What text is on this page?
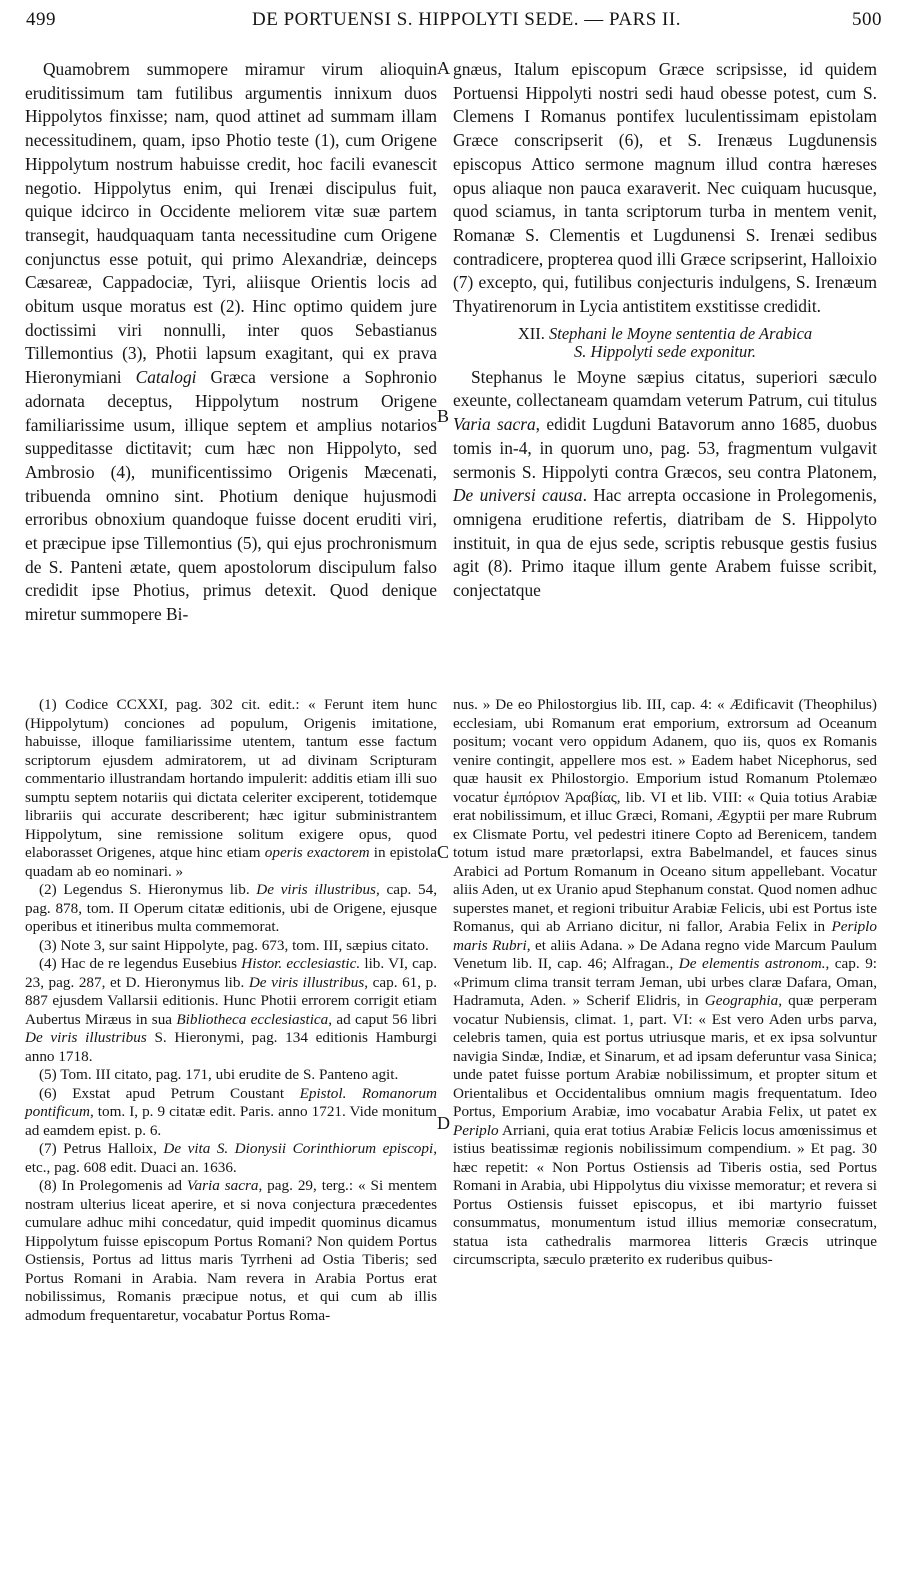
499	DE PORTUENSI S. HIPPOLYTI SEDE. — PARS II.	500
A
B
C
D

Quamobrem summopere miramur virum alioquin eruditissimum tam futilibus argumentis innixum duos Hippolytos finxisse; nam, quod attinet ad summam illam necessitudinem, quam, ipso Photio teste (1), cum Origene Hippolytum nostrum habuisse credit, hoc facili evanescit negotio. Hippolytus enim, qui Irenæi discipulus fuit, quique idcirco in Occidente meliorem vitæ suæ partem transegit, haudquaquam tanta necessitudine cum Origene conjunctus esse potuit, qui primo Alexandriæ, deinceps Cæsareæ, Cappadociæ, Tyri, aliisque Orientis locis ad obitum usque moratus est (2). Hinc optimo quidem jure doctissimi viri nonnulli, inter quos Sebastianus Tillemontius (3), Photii lapsum exagitant, qui ex prava Hieronymiani Catalogi Græca versione a Sophronio adornata deceptus, Hippolytum nostrum Origene familiarissime usum, illique septem et amplius notarios suppeditasse dictitavit; cum hæc non Hippolyto, sed Ambrosio (4), munificentissimo Origenis Mæcenati, tribuenda omnino sint. Photium denique hujusmodi erroribus obnoxium quandoque fuisse docent eruditi viri, et præcipue ipse Tillemontius (5), qui ejus prochronismum de S. Panteni ætate, quem apostolorum discipulum falso credidit ipse Photius, primus detexit. Quod denique miretur summopere Bi-

gnæus, Italum episcopum Græce scripsisse, id quidem Portuensi Hippolyti nostri sedi haud obesse potest, cum S. Clemens I Romanus pontifex luculentissimam epistolam Græce conscripserit (6), et S. Irenæus Lugdunensis episcopus Attico sermone magnum illud contra hæreses opus aliaque non pauca exaraverit. Nec cuiquam hucusque, quod sciamus, in tanta scriptorum turba in mentem venit, Romanæ S. Clementis et Lugdunensi S. Irenæi sedibus contradicere, propterea quod illi Græce scripserint, Halloixio (7) excepto, qui, futilibus conjecturis indulgens, S. Irenæum Thyatirenorum in Lycia antistitem exstitisse credidit.

XII. Stephani le Moyne sententia de Arabica
S. Hippolyti sede exponitur.

Stephanus le Moyne sæpius citatus, superiori sæculo exeunte, collectaneam quamdam veterum Patrum, cui titulus Varia sacra, edidit Lugduni Batavorum anno 1685, duobus tomis in-4, in quorum uno, pag. 53, fragmentum vulgavit sermonis S. Hippolyti contra Græcos, seu contra Platonem, De universi causa. Hac arrepta occasione in Prolegomenis, omnigena eruditione refertis, diatribam de S. Hippolyto instituit, in qua de ejus sede, scriptis rebusque gestis fusius agit (8). Primo itaque illum gente Arabem fuisse scribit, conjectatque

(1) Codice CCXXI, pag. 302 cit. edit.: « Ferunt item hunc (Hippolytum) conciones ad populum, Origenis imitatione, habuisse, illoque familiarissime utentem, tantum esse factum scriptorum ejusdem admiratorem, ut ad divinam Scripturam commentario illustrandam hortando impulerit: additis etiam illi suo sumptu septem notariis qui dictata celeriter exciperent, totidemque librariis qui accurate describerent; hæc igitur subministrantem Hippolytum, sine remissione solitum exigere opus, quod elaborasset Origenes, atque hinc etiam operis exactorem in epistola quadam ab eo nominari. »

(2) Legendus S. Hieronymus lib. De viris illustribus, cap. 54, pag. 878, tom. II Operum citatæ editionis, ubi de Origene, ejusque operibus et itineribus multa commemorat.

(3) Note 3, sur saint Hippolyte, pag. 673, tom. III, sæpius citato.

(4) Hac de re legendus Eusebius Histor. ecclesiastic. lib. VI, cap. 23, pag. 287, et D. Hieronymus lib. De viris illustribus, cap. 61, p. 887 ejusdem Vallarsii editionis. Hunc Photii errorem corrigit etiam Aubertus Miræus in sua Bibliotheca ecclesiastica, ad caput 56 libri De viris illustribus S. Hieronymi, pag. 134 editionis Hamburgi anno 1718.

(5) Tom. III citato, pag. 171, ubi erudite de S. Panteno agit.

(6) Exstat apud Petrum Coustant Epistol. Romanorum pontificum, tom. I, p. 9 citatæ edit. Paris. anno 1721. Vide monitum ad eamdem epist. p. 6.

(7) Petrus Halloix, De vita S. Dionysii Corinthiorum episcopi, etc., pag. 608 edit. Duaci an. 1636.

(8) In Prolegomenis ad Varia sacra, pag. 29, terg.: « Si mentem nostram ulterius liceat aperire, et si nova conjectura præcedentes cumulare adhuc mihi concedatur, quid impedit quominus dicamus Hippolytum fuisse episcopum Portus Romani? Non quidem Portus Ostiensis, Portus ad littus maris Tyrrheni ad Ostia Tiberis; sed Portus Romani in Arabia. Nam revera in Arabia Portus erat nobilissimus, Romanis præcipue notus, et qui cum ab illis admodum frequentaretur, vocabatur Portus Roma-

nus. » De eo Philostorgius lib. III, cap. 4: « Ædificavit (Theophilus) ecclesiam, ubi Romanum erat emporium, extrorsum ad Oceanum positum; vocant vero oppidum Adanem, quo iis, quos ex Romanis venire contingit, appellere mos est. » Eadem habet Nicephorus, sed quæ hausit ex Philostorgio. Emporium istud Romanum Ptolemæo vocatur ἐμπόριον Ἀραβίας, lib. VI et lib. VIII: « Quia totius Arabiæ erat nobilissimum, et illuc Græci, Romani, Ægyptii per mare Rubrum ex Clismate Portu, vel pedestri itinere Copto ad Berenicem, tandem totum istud mare prætorlapsi, extra Babelmandel, et fauces sinus Arabici ad Portum Romanum in Oceano situm appellebant. Vocatur aliis Aden, ut ex Uranio apud Stephanum constat. Quod nomen adhuc superstes manet, et regioni tribuitur Arabiæ Felicis, ubi est Portus iste Romanus, qui ab Arriano dicitur, ni fallor, Arabia Felix in Periplo maris Rubri, et aliis Adana. » De Adana regno vide Marcum Paulum Venetum lib. II, cap. 46; Alfragan., De elementis astronom., cap. 9: «Primum clima transit terram Jeman, ubi urbes claræ Dafara, Oman, Hadramuta, Aden. » Scherif Elidris, in Geographia, quæ perperam vocatur Nubiensis, climat. 1, part. VI: « Est vero Aden urbs parva, celebris tamen, quia est portus utriusque maris, et ex ipsa solvuntur navigia Sindæ, Indiæ, et Sinarum, et ad ipsam deferuntur vasa Sinica; unde patet fuisse portum Arabiæ nobilissimum, et propter situm et Orientalibus et Occidentalibus omnium magis frequentatum. Ideo Portus, Emporium Arabiæ, imo vocabatur Arabia Felix, ut patet ex Periplo Arriani, quia erat totius Arabiæ Felicis locus amœnissimus et istius beatissimæ regionis nobilissimum compendium. » Et pag. 30 hæc repetit: « Non Portus Ostiensis ad Tiberis ostia, sed Portus Romani in Arabia, ubi Hippolytus diu vixisse memoratur; et revera si Portus Ostiensis fuisset episcopus, et ibi martyrio fuisset consummatus, monumentum istud illius memoriæ consecratum, statua ista cathedralis marmorea litteris Græcis utrinque circumscripta, sæculo præterito ex ruderibus quibus-
